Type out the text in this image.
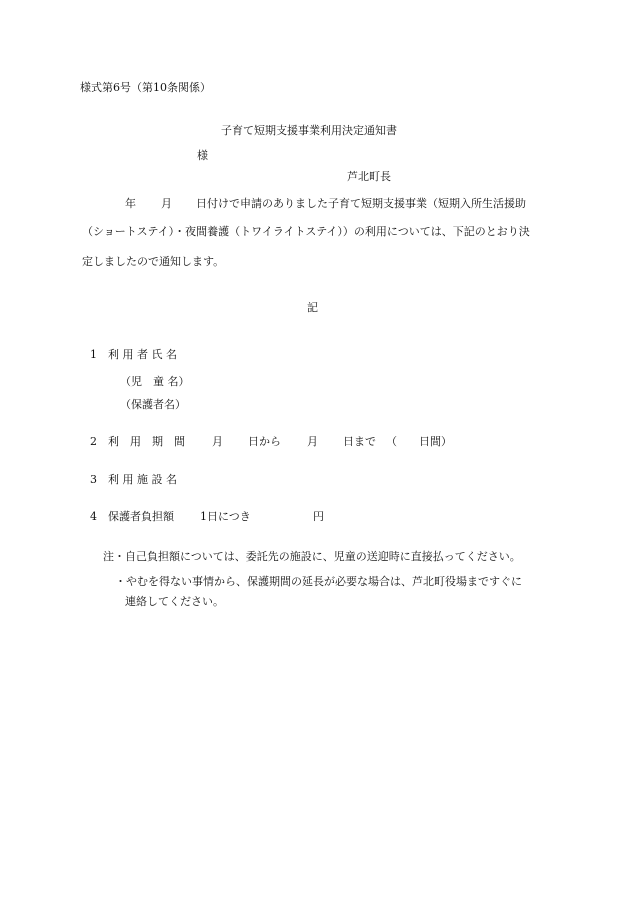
様式第6号（第10条関係）
子育て短期支援事業利用決定通知書
様
芦北町長
年 月 日付けで申請のありました子育て短期支援事業（短期入所生活援助
（ショートステイ）・夜間養護（トワイライトステイ））の利用については、下記のとおり決
定しましたので通知します。
記
1 利 用 者 氏 名
（児　童 名）
（保護者名）
2 利　用　期　間 月 日から 月 日まで （ 日間）
3 利 用 施 設 名
4 保護者負担額 1日につき	円
注・自己負担額については、委託先の施設に、児童の送迎時に直接払ってください。
・やむを得ない事情から、保護期間の延長が必要な場合は、芦北町役場まですぐに
連絡してください。
